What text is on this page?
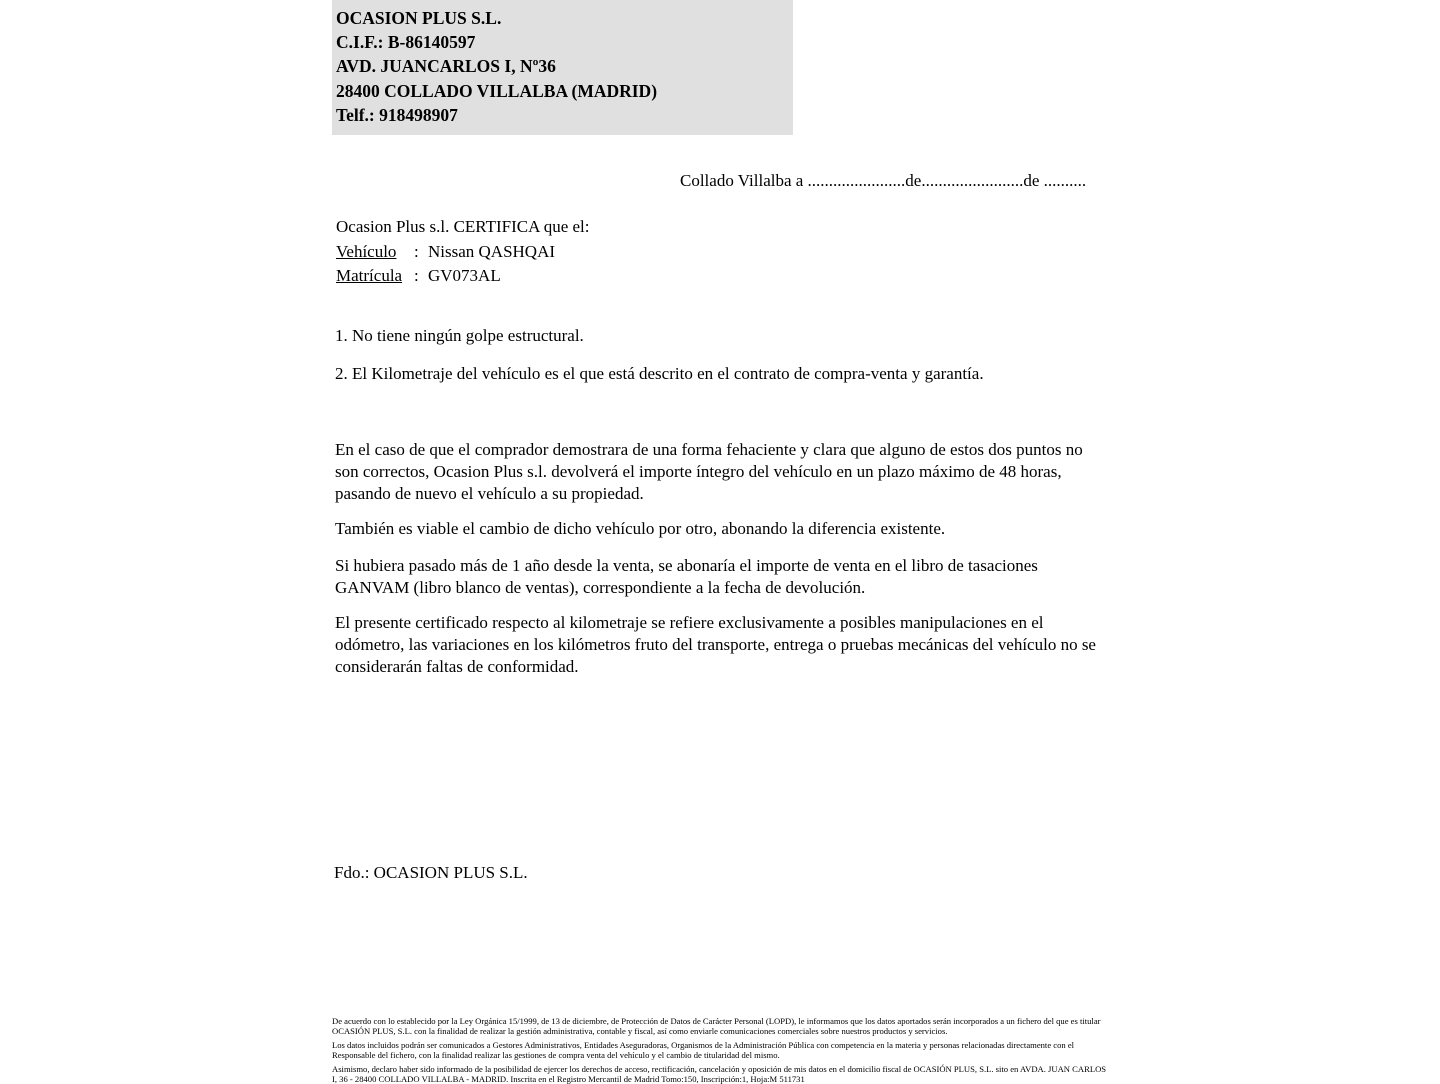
OCASION PLUS S.L.
C.I.F.: B-86140597
AVD. JUANCARLOS I, Nº36
28400 COLLADO VILLALBA (MADRID)
Telf.: 918498907
Collado Villalba a .......................de........................de ..........
Ocasion Plus s.l. CERTIFICA que el:
Vehículo	: Nissan QASHQAI
Matrícula : GV073AL
1. No tiene ningún golpe estructural.
2. El Kilometraje del vehículo es el que está descrito en el contrato de compra-venta y garantía.
En el caso de que el comprador demostrara de una forma fehaciente y clara que alguno de estos dos puntos no son correctos, Ocasion Plus s.l. devolverá el importe íntegro del vehículo en un plazo máximo de 48 horas, pasando de nuevo el vehículo a su propiedad.
También es viable el cambio de dicho vehículo por otro, abonando la diferencia existente.
Si hubiera pasado más de 1 año desde la venta, se abonaría el importe de venta en el libro de tasaciones GANVAM (libro blanco de ventas), correspondiente a la fecha de devolución.
El presente certificado respecto al kilometraje se refiere exclusivamente a posibles manipulaciones en el odómetro, las variaciones en los kilómetros fruto del transporte, entrega o pruebas mecánicas del vehículo no se considerarán faltas de conformidad.
Fdo.: OCASION PLUS S.L.

De acuerdo con lo establecido por la Ley Orgánica 15/1999, de 13 de diciembre, de Protección de Datos de Carácter Personal (LOPD), le informamos que los datos aportados serán incorporados a un fichero del que es titular OCASIÓN PLUS, S.L. con la finalidad de realizar la gestión administrativa, contable y fiscal, así como enviarle comunicaciones comerciales sobre nuestros productos y servicios.

Los datos incluidos podrán ser comunicados a Gestores Administrativos, Entidades Aseguradoras, Organismos de la Administración Pública con competencia en la materia y personas relacionadas directamente con el Responsable del fichero, con la finalidad realizar las gestiones de compra venta del vehículo y el cambio de titularidad del mismo.

Asimismo, declaro haber sido informado de la posibilidad de ejercer los derechos de acceso, rectificación, cancelación y oposición de mis datos en el domicilio fiscal de OCASIÓN PLUS, S.L. sito en AVDA. JUAN CARLOS I, 36 - 28400 COLLADO VILLALBA - MADRID. Inscrita en el Registro Mercantil de Madrid Tomo:150, Inscripción:1, Hoja:M 511731
